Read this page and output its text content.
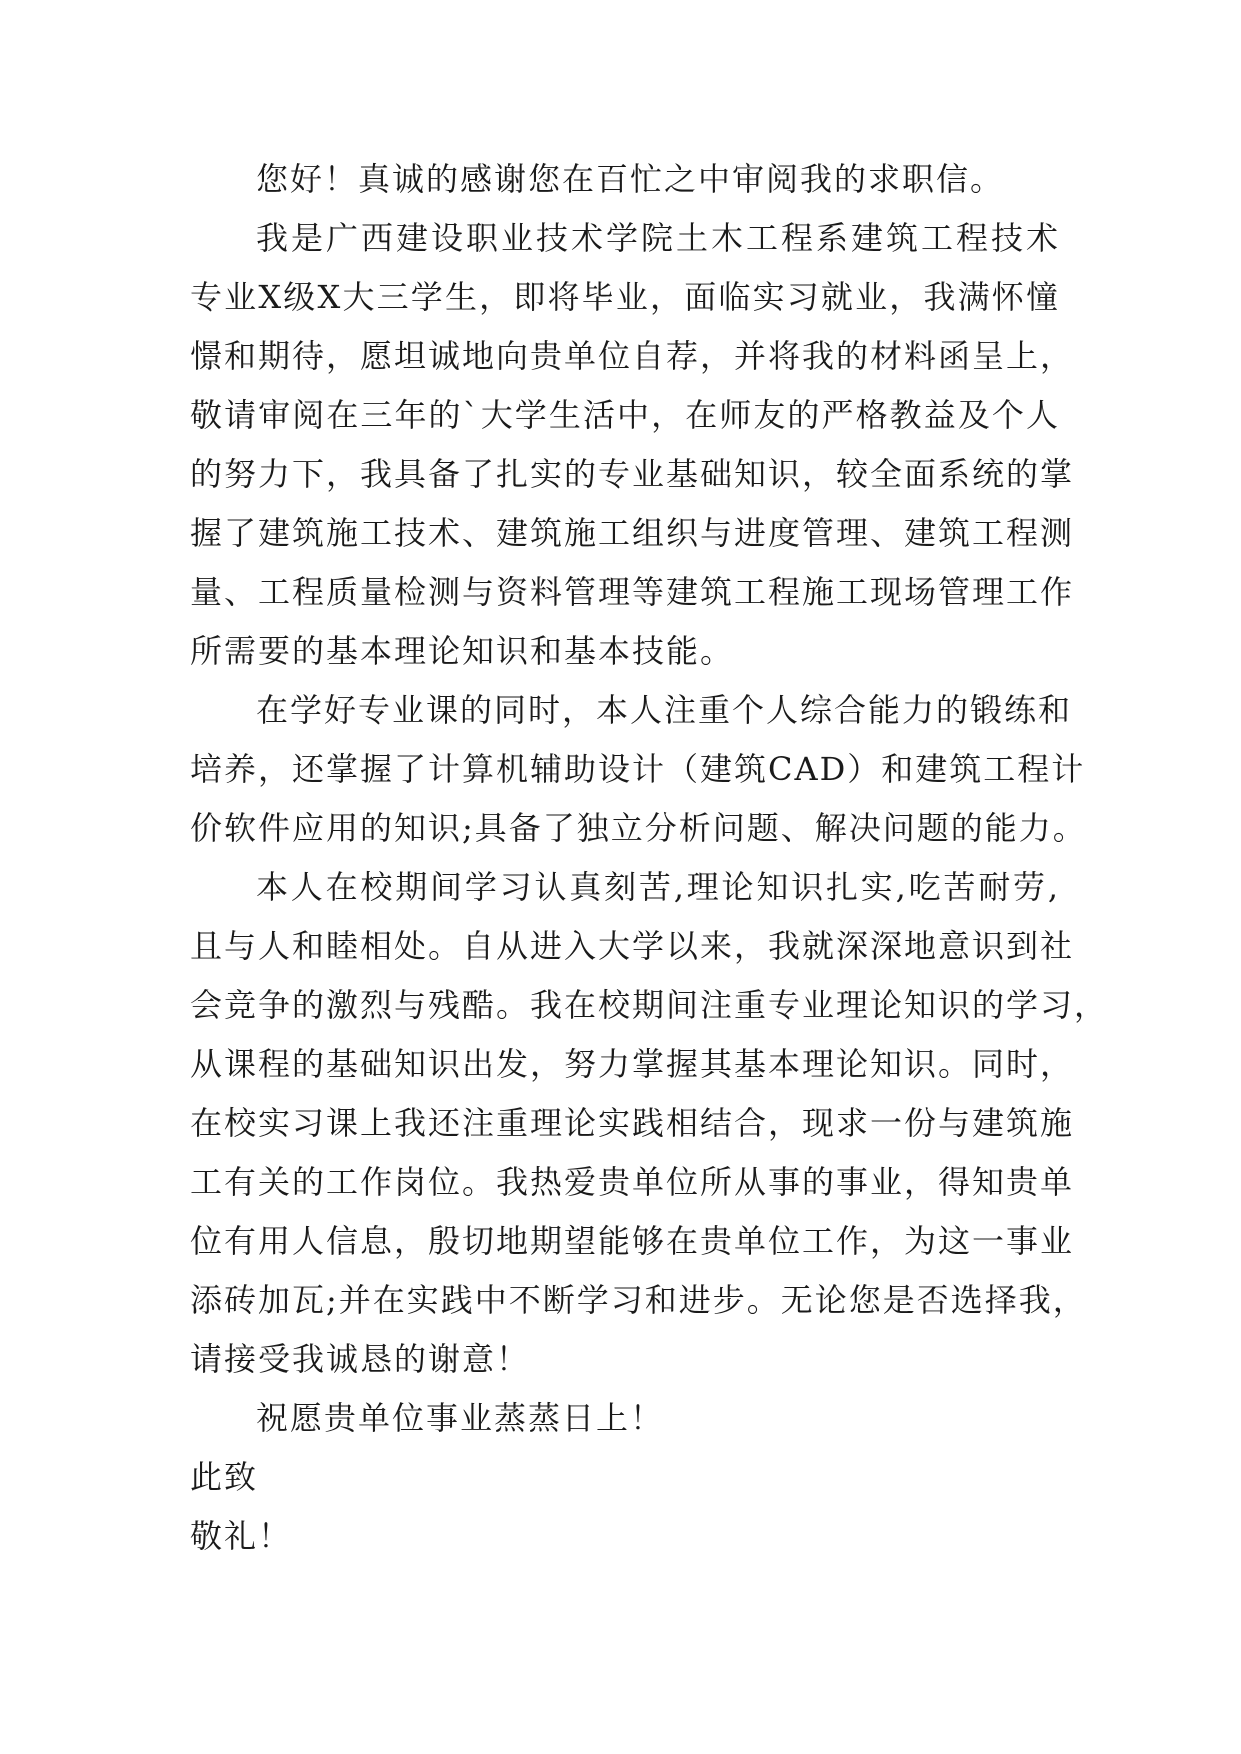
您好！真诚的感谢您在百忙之中审阅我的求职信。
我是广西建设职业技术学院土木工程系建筑工程技术
专业X级X大三学生，即将毕业，面临实习就业，我满怀憧
憬和期待，愿坦诚地向贵单位自荐，并将我的材料函呈上，
敬请审阅在三年的`大学生活中，在师友的严格教益及个人
的努力下，我具备了扎实的专业基础知识，较全面系统的掌
握了建筑施工技术、建筑施工组织与进度管理、建筑工程测
量、工程质量检测与资料管理等建筑工程施工现场管理工作
所需要的基本理论知识和基本技能。
在学好专业课的同时，本人注重个人综合能力的锻练和
培养，还掌握了计算机辅助设计（建筑CAD）和建筑工程计
价软件应用的知识;具备了独立分析问题、解决问题的能力。
本人在校期间学习认真刻苦,理论知识扎实,吃苦耐劳,
且与人和睦相处。自从进入大学以来，我就深深地意识到社
会竞争的激烈与残酷。我在校期间注重专业理论知识的学习，
从课程的基础知识出发，努力掌握其基本理论知识。同时，
在校实习课上我还注重理论实践相结合，现求一份与建筑施
工有关的工作岗位。我热爱贵单位所从事的事业，得知贵单
位有用人信息，殷切地期望能够在贵单位工作，为这一事业
添砖加瓦;并在实践中不断学习和进步。无论您是否选择我，
请接受我诚恳的谢意！
祝愿贵单位事业蒸蒸日上！
此致
敬礼！
